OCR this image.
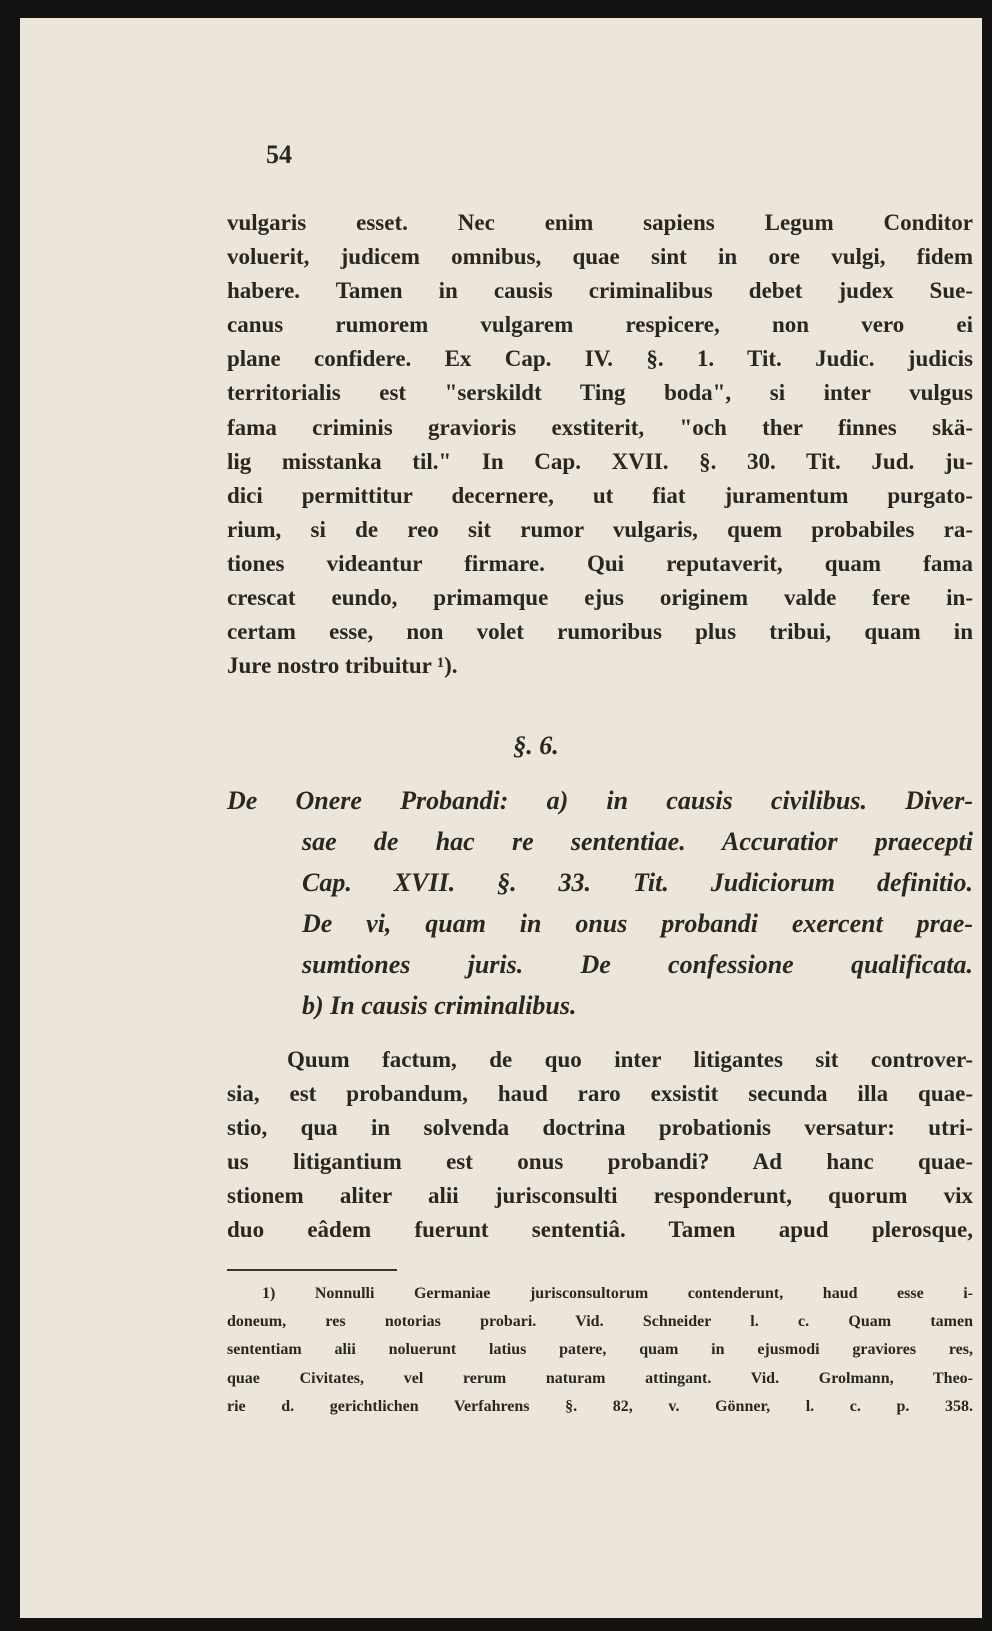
54
vulgaris esset. Nec enim sapiens Legum Conditor
voluerit, judicem omnibus, quae sint in ore vulgi, fidem
habere. Tamen in causis criminalibus debet judex Sue-
canus rumorem vulgarem respicere, non vero ei
plane confidere. Ex Cap. IV. §. 1. Tit. Judic. judicis
territorialis est "serskildt Ting boda", si inter vulgus
fama criminis gravioris exstiterit, "och ther finnes skä-
lig misstanka til." In Cap. XVII. §. 30. Tit. Jud. ju-
dici permittitur decernere, ut fiat juramentum purgato-
rium, si de reo sit rumor vulgaris, quem probabiles ra-
tiones videantur firmare. Qui reputaverit, quam fama
crescat eundo, primamque ejus originem valde fere in-
certam esse, non volet rumoribus plus tribui, quam in
Jure nostro tribuitur ¹).
§. 6.
De Onere Probandi: a) in causis civilibus. Diver-
sae de hac re sententiae. Accuratior praecepti
Cap. XVII. §. 33. Tit. Judiciorum definitio.
De vi, quam in onus probandi exercent prae-
sumtiones juris. De confessione qualificata.
b) In causis criminalibus.
Quum factum, de quo inter litigantes sit controver-
sia, est probandum, haud raro exsistit secunda illa quae-
stio, qua in solvenda doctrina probationis versatur: utri-
us litigantium est onus probandi? Ad hanc quae-
stionem aliter alii jurisconsulti responderunt, quorum vix
duo eâdem fuerunt sententiâ. Tamen apud plerosque,
1) Nonnulli Germaniae jurisconsultorum contenderunt, haud esse i-
doneum, res notorias probari. Vid. Schneider l. c. Quam tamen
sententiam alii noluerunt latius patere, quam in ejusmodi graviores res,
quae Civitates, vel rerum naturam attingant. Vid. Grolmann, Theo-
rie d. gerichtlichen Verfahrens §. 82, v. Gönner, l. c. p. 358.
